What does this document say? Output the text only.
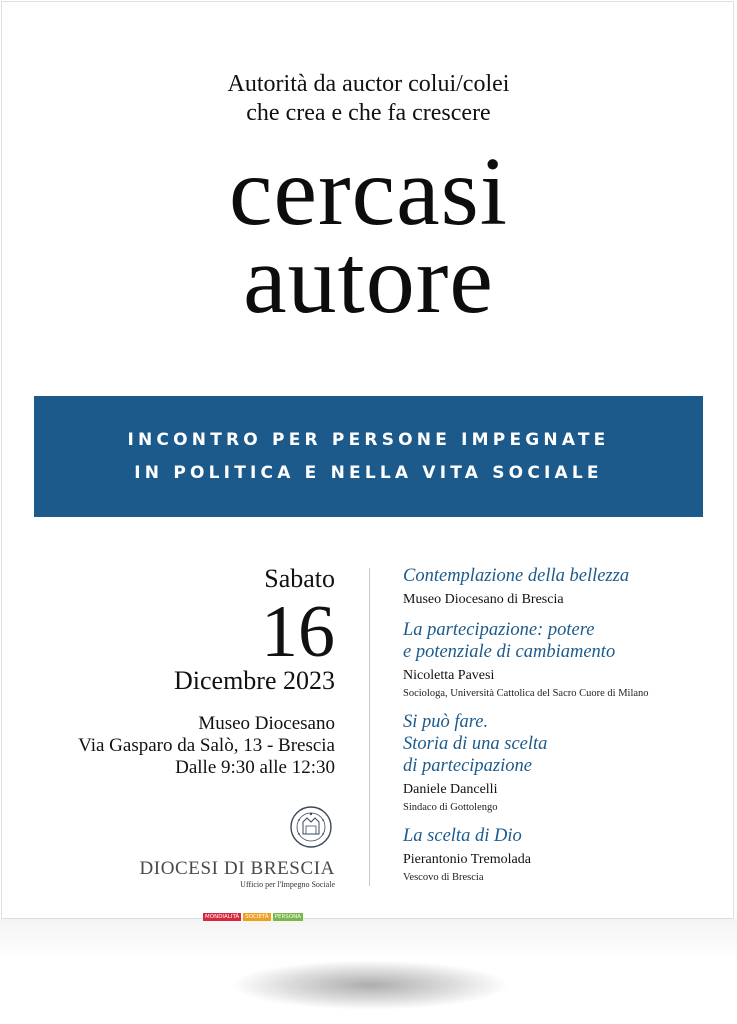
Autorità da auctor colui/colei
che crea e che fa crescere
cercasi
autore
INCONTRO PER PERSONE IMPEGNATE
IN POLITICA E NELLA VITA SOCIALE
Sabato
16
Dicembre 2023
Museo Diocesano
Via Gasparo da Salò, 13 - Brescia
Dalle 9:30 alle 12:30
Contemplazione della bellezza
Museo Diocesano di Brescia
La partecipazione: potere
e potenziale di cambiamento
Nicoletta Pavesi
Sociologa, Università Cattolica del Sacro Cuore di Milano
Si può fare.
Storia di una scelta
di partecipazione
Daniele Dancelli
Sindaco di Gottolengo
La scelta di Dio
Pierantonio Tremolada
Vescovo di Brescia
DIOCESI DI BRESCIA
Ufficio per l'Impegno Sociale
MONDIALITÀ	SOCIETÀ	PERSONA
